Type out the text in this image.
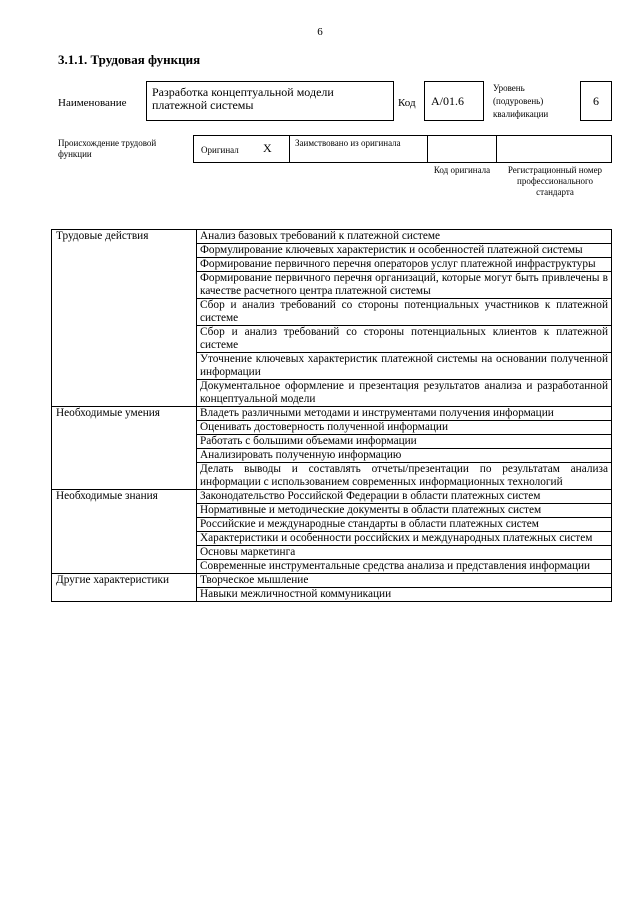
6
3.1.1. Трудовая функция
Наименование
Разработка концептуальной модели платежной системы	Код А/01.6
Уровень (подуровень) квалификации
6
Происхождение трудовой функции	Оригинал X	Заимствовано из оригинала
Код оригинала	Регистрационный номер профессионального стандарта
Трудовые действия	Анализ базовых требований к платежной системе
	Формулирование ключевых характеристик и особенностей платежной системы
	Формирование первичного перечня операторов услуг платежной инфраструктуры
	Формирование первичного перечня организаций, которые могут быть привлечены в качестве расчетного центра платежной системы
	Сбор и анализ требований со стороны потенциальных участников к платежной системе
	Сбор и анализ требований со стороны потенциальных клиентов к платежной системе
	Уточнение ключевых характеристик платежной системы на основании полученной информации
	Документальное оформление и презентация результатов анализа и разработанной концептуальной модели
Необходимые умения	Владеть различными методами и инструментами получения информации
	Оценивать достоверность полученной информации
	Работать с большими объемами информации
	Анализировать полученную информацию
	Делать выводы и составлять отчеты/презентации по результатам анализа информации с использованием современных информационных технологий
Необходимые знания	Законодательство Российской Федерации в области платежных систем
	Нормативные и методические документы в области платежных систем
	Российские и международные стандарты в области платежных систем
	Характеристики и особенности российских и международных платежных систем
	Основы маркетинга
	Современные инструментальные средства анализа и представления информации
Другие характеристики	Творческое мышление
	Навыки межличностной коммуникации
